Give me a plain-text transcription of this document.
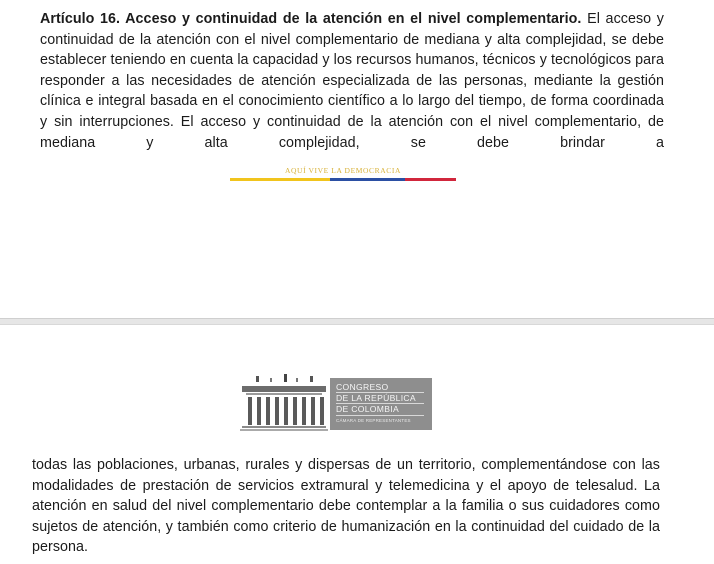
Artículo 16. Acceso y continuidad de la atención en el nivel complementario. El acceso y continuidad de la atención con el nivel complementario de mediana y alta complejidad, se debe establecer teniendo en cuenta la capacidad y los recursos humanos, técnicos y tecnológicos para responder a las necesidades de atención especializada de las personas, mediante la gestión clínica e integral basada en el conocimiento científico a lo largo del tiempo, de forma coordinada y sin interrupciones. El acceso y continuidad de la atención con el nivel complementario, de mediana y alta complejidad, se debe brindar a
AQUÍ VIVE LA DEMOCRACIA
CONGRESO
DE LA REPÚBLICA
DE COLOMBIA
CÁMARA DE REPRESENTANTES
todas las poblaciones, urbanas, rurales y dispersas de un territorio, complementándose con las modalidades de prestación de servicios extramural y telemedicina y el apoyo de telesalud. La atención en salud del nivel complementario debe contemplar a la familia o sus cuidadores como sujetos de atención, y también como criterio de humanización en la continuidad del cuidado de la persona.
